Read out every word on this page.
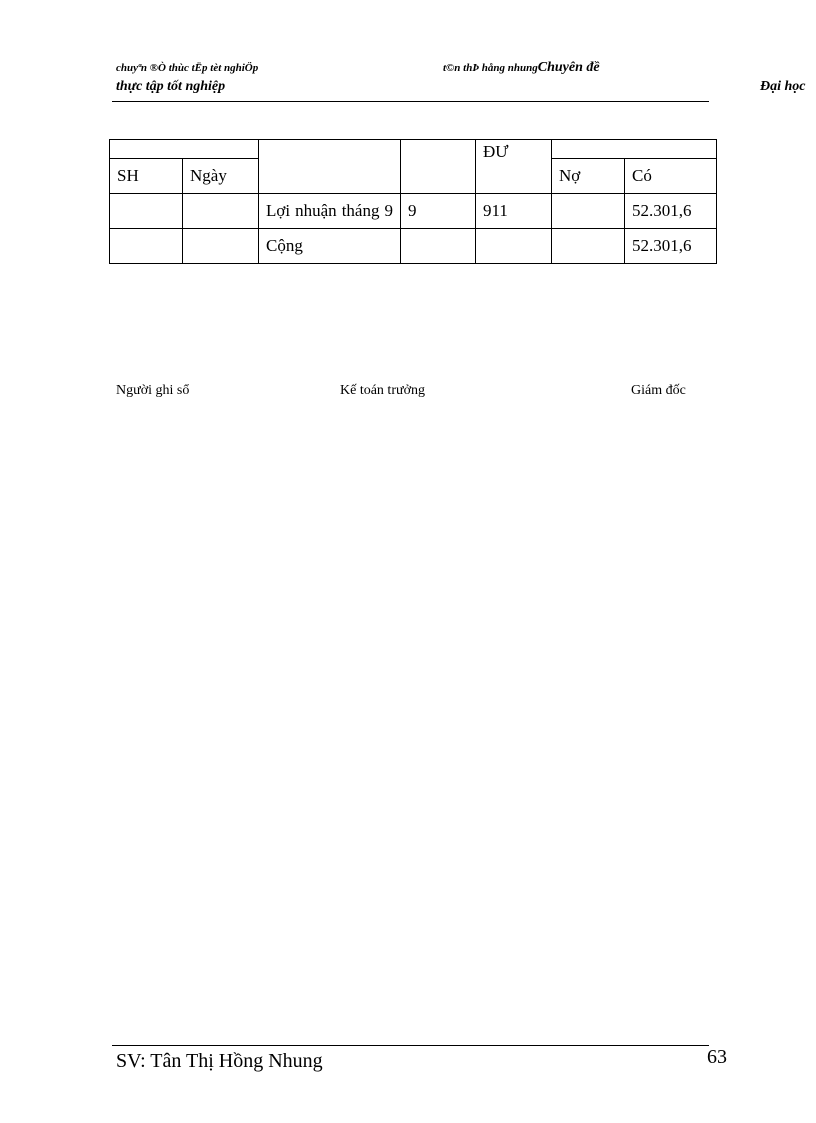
chuyªn ®Ò thùc tËp tèt nghiÖp	t©n thÞ hång nhungChuyên đề
thực tập tốt nghiệp	Đại học
				ĐƯ		
SH	Ngày				Nợ	Có
		Lợi nhuận tháng 9	9	911		52.301,6
		Cộng				52.301,6
Người ghi sổ	Kế toán trưởng	Giám đốc
SV: Tân Thị Hồng Nhung	63
